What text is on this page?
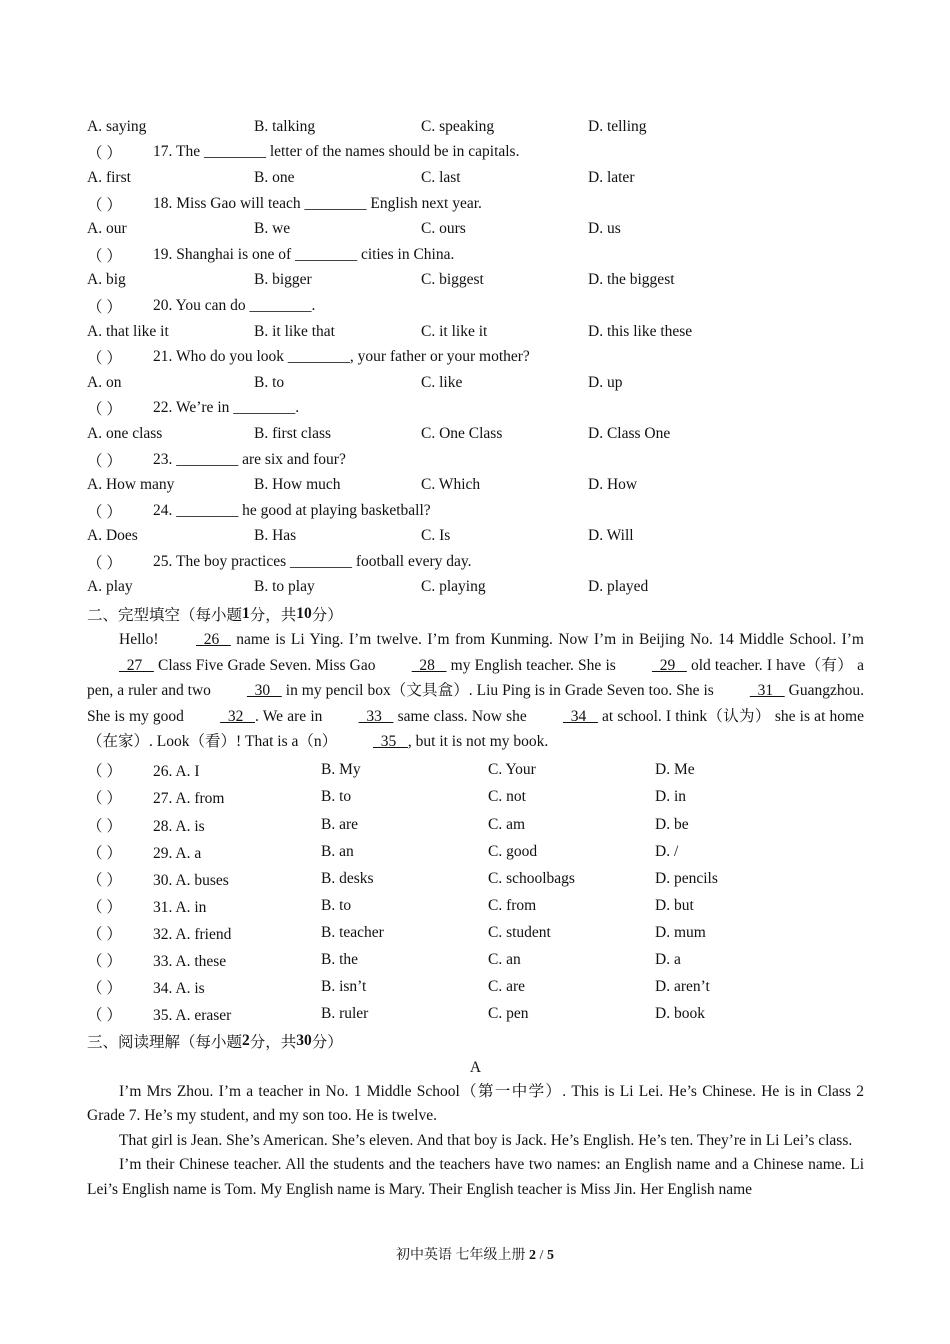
A. saying	B. talking	C. speaking	D. telling
（ ）	17. The ________ letter of the names should be in capitals.
A. first	B. one	C. last	D. later
（ ）	18. Miss Gao will teach ________ English next year.
A. our	B. we	C. ours	D. us
（ ）	19. Shanghai is one of ________ cities in China.
A. big	B. bigger	C. biggest	D. the biggest
（ ）	20. You can do ________.
A. that like it	B. it like that	C. it like it	D. this like these
（ ）	21. Who do you look ________, your father or your mother?
A. on	B. to	C. like	D. up
（ ）	22. We’re in ________.
A. one class	B. first class	C. One Class	D. Class One
（ ）	23. ________ are six and four?
A. How many	B. How much	C. Which	D. How
（ ）	24. ________ he good at playing basketball?
A. Does	B. Has	C. Is	D. Will
（ ）	25. The boy practices ________ football every day.
A. play	B. to play	C. playing	D. played
二、完型填空（每小题 1 分，共 10 分）

Hello!   26    name is Li Ying. I’m twelve. I’m from Kunming. Now I’m in Beijing No. 14 Middle School. I’m   27    Class Five Grade Seven. Miss Gao   28    my English teacher. She is   29    old teacher. I have（有） a pen, a ruler and two   30    in my pencil box（文具盒）. Liu Ping is in Grade Seven too. She is   31    Guangzhou. She is my good   32   . We are in   33    same class. Now she   34    at school. I think（认为） she is at home（在家）. Look（看）! That is a（n）   35   , but it is not my book.

（ ） 26. A. I	B. My	C. Your	D. Me
（ ） 27. A. from	B. to	C. not	D. in
（ ） 28. A. is	B. are	C. am	D. be
（ ） 29. A. a	B. an	C. good	D. /
（ ） 30. A. buses	B. desks	C. schoolbags	D. pencils
（ ） 31. A. in	B. to	C. from	D. but
（ ） 32. A. friend	B. teacher	C. student	D. mum
（ ） 33. A. these	B. the	C. an	D. a
（ ） 34. A. is	B. isn’t	C. are	D. aren’t
（ ） 35. A. eraser	B. ruler	C. pen	D. book
三、阅读理解（每小题 2 分，共 30 分）
A

I’m Mrs Zhou. I’m a teacher in No. 1 Middle School（第一中学）. This is Li Lei. He’s Chinese. He is in Class 2 Grade 7. He’s my student, and my son too. He is twelve.

That girl is Jean. She’s American. She’s eleven. And that boy is Jack. He’s English. He’s ten. They’re in Li Lei’s class.

I’m their Chinese teacher. All the students and the teachers have two names: an English name and a Chinese name. Li Lei’s English name is Tom. My English name is Mary. Their English teacher is Miss Jin. Her English name

初中英语 七年级上册 2 / 5
